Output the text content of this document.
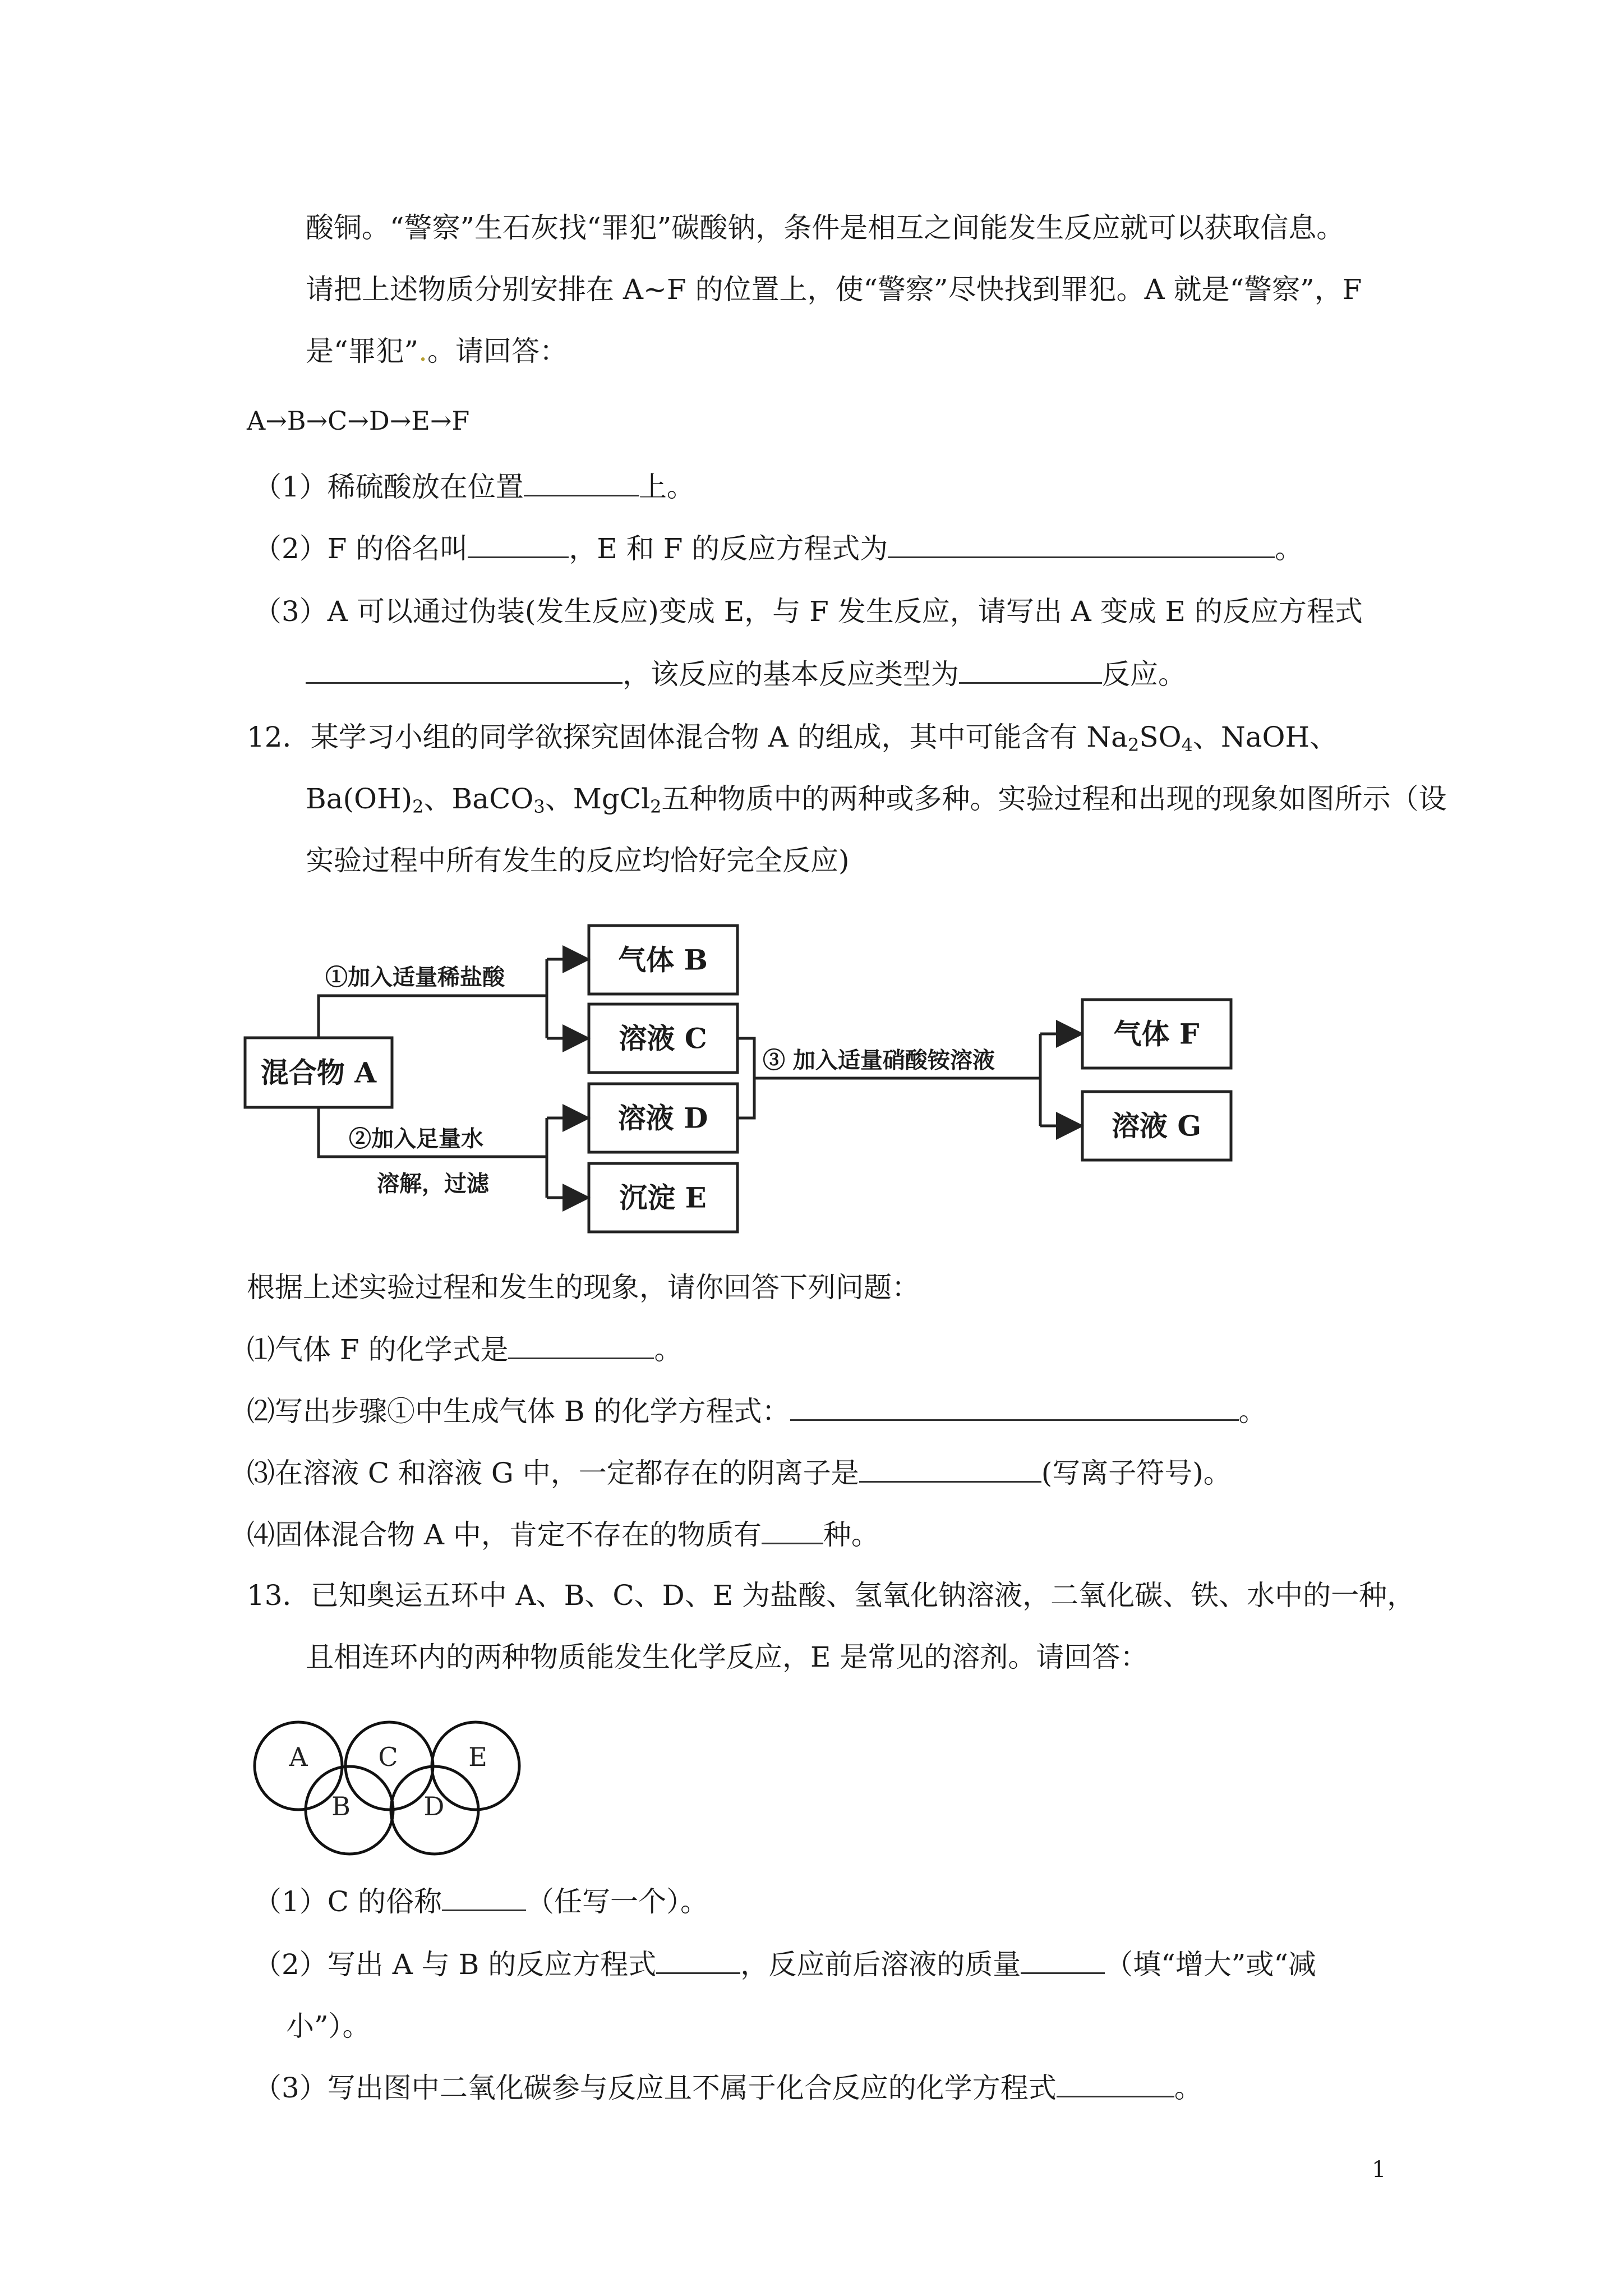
酸铜。“警察”生石灰找“罪犯”碳酸钠，条件是相互之间能发生反应就可以获取信息。
请把上述物质分别安排在 A~F 的位置上，使“警察”尽快找到罪犯。A 就是“警察”，F
是“罪犯”.。请回答：
A→B→C→D→E→F
（1）稀硫酸放在位置	上。
（2）F 的俗名叫	，E 和 F 的反应方程式为	。
（3）A 可以通过伪装(发生反应)变成 E，与 F 发生反应，请写出 A 变成 E 的反应方程式
，该反应的基本反应类型为	反应。
12．某学习小组的同学欲探究固体混合物 A 的组成，其中可能含有 $Na_2SO_4$、NaOH、
$Ba(OH)_2$、BaCO$_3$、MgCl$_2$五种物质中的两种或多种。实验过程和出现的现象如图所示（设
实验过程中所有发生的反应均恰好完全反应)
混合物 A
气体 B
溶液 C
溶液 D
沉淀 E
气体 F
溶液 G
①加入适量稀盐酸
②加入足量水
溶解，过滤
③ 加入适量硝酸铵溶液
根据上述实验过程和发生的现象，请你回答下列问题：
⑴气体 F 的化学式是	。
⑵写出步骤①中生成气体 B 的化学方程式：	。
⑶在溶液 C 和溶液 G 中，一定都存在的阴离子是	(写离子符号)。
⑷固体混合物 A 中，肯定不存在的物质有 种。
13．已知奥运五环中 A、B、C、D、E 为盐酸、氢氧化钠溶液，二氧化碳、铁、水中的一种，
且相连环内的两种物质能发生化学反应，E 是常见的溶剂。请回答：
A
B
C
D
E
（1）C 的俗称	（任写一个）。
（2）写出 A 与 B 的反应方程式	，反应前后溶液的质量	（填“增大”或“减
小”）。
（3）写出图中二氧化碳参与反应且不属于化合反应的化学方程式	。
1
